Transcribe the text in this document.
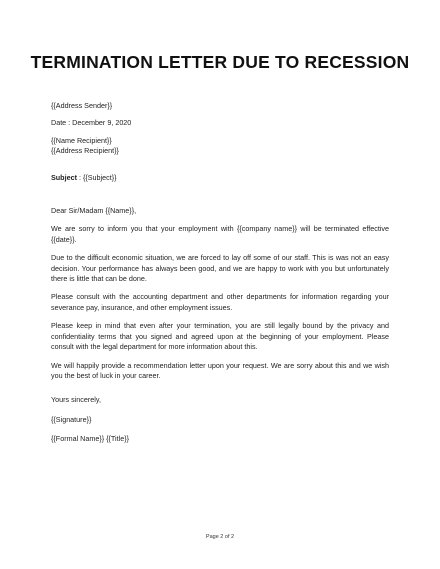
TERMINATION LETTER DUE TO RECESSION

{{Address Sender}}

Date : December 9, 2020

{{Name Recipient}}

{{Address Recipient}}

Subject : {{Subject}}

Dear Sir/Madam {{Name}},

We are sorry to inform you that your employment with {{company name}} will be terminated effective {{date}}.

Due to the difficult economic situation, we are forced to lay off some of our staff. This is was not an easy decision. Your performance has always been good, and we are happy to work with you but unfortunately there is little that can be done.

Please consult with the accounting department and other departments for information regarding your severance pay, insurance, and other employment issues.

Please keep in mind that even after your termination, you are still legally bound by the privacy and confidentiality terms that you signed and agreed upon at the beginning of your employment. Please consult with the legal department for more information about this.

We will happily provide a recommendation letter upon your request. We are sorry about this and we wish you the best of luck in your career.

Yours sincerely,

{{Signature}}

{{Formal Name}} {{Title}}

Page 2 of 2
